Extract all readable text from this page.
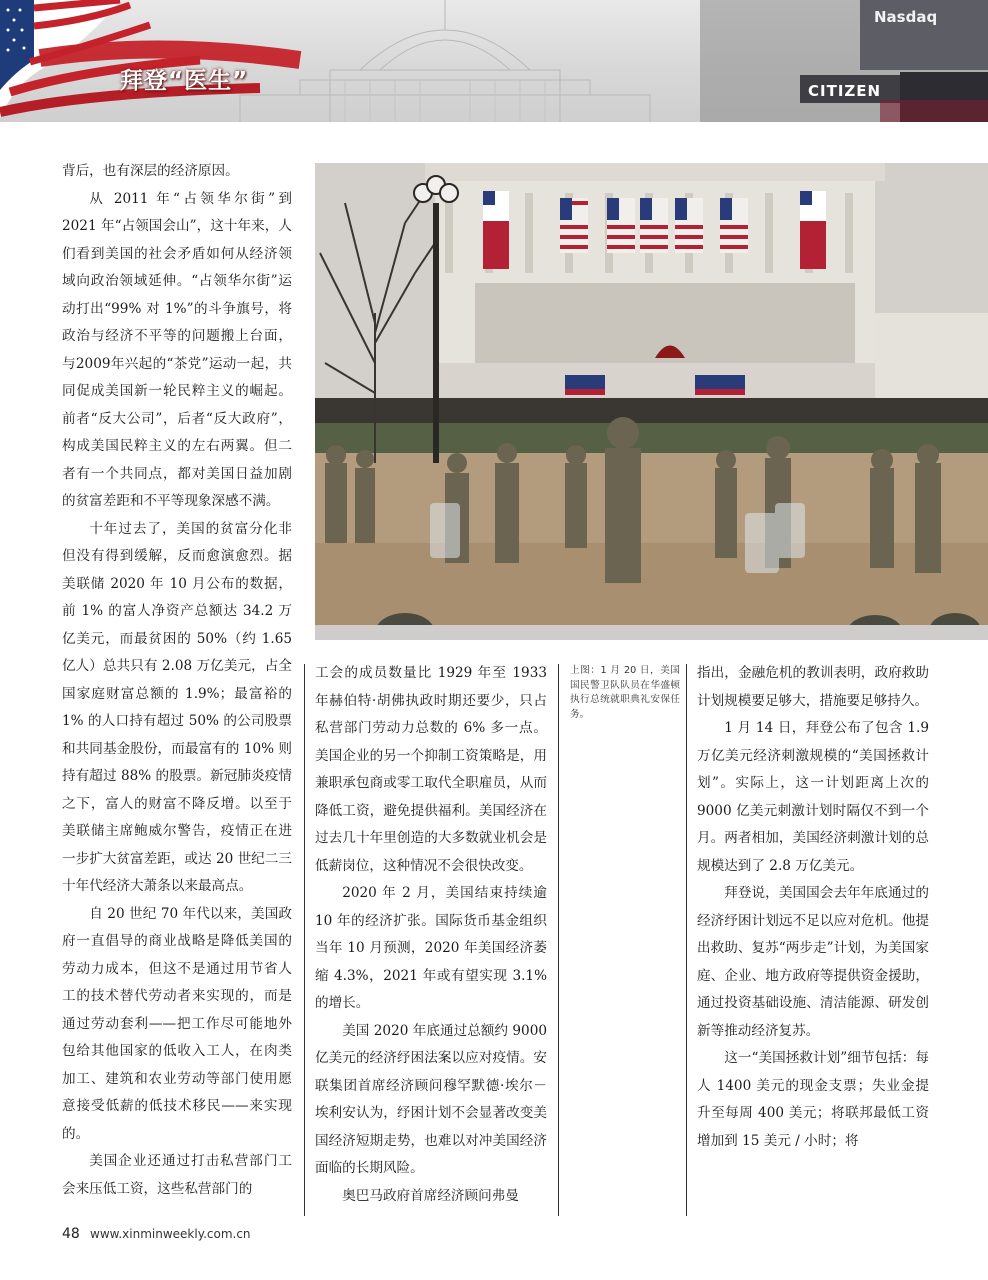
拜登“医生”
Nasdaq
CITIZEN

背后，也有深层的经济原因。

从 2011 年“占领华尔街”到 2021 年“占领国会山”，这十年来，人们看到美国的社会矛盾如何从经济领域向政治领域延伸。“占领华尔街”运动打出“99% 对 1%”的斗争旗号，将政治与经济不平等的问题搬上台面，与2009年兴起的“茶党”运动一起，共同促成美国新一轮民粹主义的崛起。前者“反大公司”，后者“反大政府”，构成美国民粹主义的左右两翼。但二者有一个共同点，都对美国日益加剧的贫富差距和不平等现象深感不满。

十年过去了，美国的贫富分化非但没有得到缓解，反而愈演愈烈。据美联储 2020 年 10 月公布的数据，前 1% 的富人净资产总额达 34.2 万亿美元，而最贫困的 50%（约 1.65 亿人）总共只有 2.08 万亿美元，占全国家庭财富总额的 1.9%；最富裕的 1% 的人口持有超过 50% 的公司股票和共同基金股份，而最富有的 10% 则持有超过 88% 的股票。新冠肺炎疫情之下，富人的财富不降反增。以至于美联储主席鲍威尔警告，疫情正在进一步扩大贫富差距，或达 20 世纪二三十年代经济大萧条以来最高点。

自 20 世纪 70 年代以来，美国政府一直倡导的商业战略是降低美国的劳动力成本，但这不是通过用节省人工的技术替代劳动者来实现的，而是通过劳动套利——把工作尽可能地外包给其他国家的低收入工人，在肉类加工、建筑和农业劳动等部门使用愿意接受低薪的低技术移民——来实现的。

美国企业还通过打击私营部门工会来压低工资，这些私营部门的

工会的成员数量比 1929 年至 1933 年赫伯特·胡佛执政时期还要少，只占私营部门劳动力总数的 6% 多一点。美国企业的另一个抑制工资策略是，用兼职承包商或零工取代全职雇员，从而降低工资，避免提供福利。美国经济在过去几十年里创造的大多数就业机会是低薪岗位，这种情况不会很快改变。

2020 年 2 月，美国结束持续逾 10 年的经济扩张。国际货币基金组织当年 10 月预测，2020 年美国经济萎缩 4.3%，2021 年或有望实现 3.1% 的增长。

美国 2020 年底通过总额约 9000 亿美元的经济纾困法案以应对疫情。安联集团首席经济顾问穆罕默德·埃尔－埃利安认为，纾困计划不会显著改变美国经济短期走势，也难以对冲美国经济面临的长期风险。

奥巴马政府首席经济顾问弗曼

上图：1 月 20 日，美国国民警卫队队员在华盛顿执行总统就职典礼安保任务。

指出，金融危机的教训表明，政府救助计划规模要足够大，措施要足够持久。

1 月 14 日，拜登公布了包含 1.9 万亿美元经济刺激规模的“美国拯救计划”。实际上，这一计划距离上次的 9000 亿美元刺激计划时隔仅不到一个月。两者相加，美国经济刺激计划的总规模达到了 2.8 万亿美元。

拜登说，美国国会去年年底通过的经济纾困计划远不足以应对危机。他提出救助、复苏“两步走”计划，为美国家庭、企业、地方政府等提供资金援助，通过投资基础设施、清洁能源、研发创新等推动经济复苏。

这一“美国拯救计划”细节包括：每人 1400 美元的现金支票；失业金提升至每周 400 美元；将联邦最低工资增加到 15 美元 / 小时；将

48 www.xinminweekly.com.cn
